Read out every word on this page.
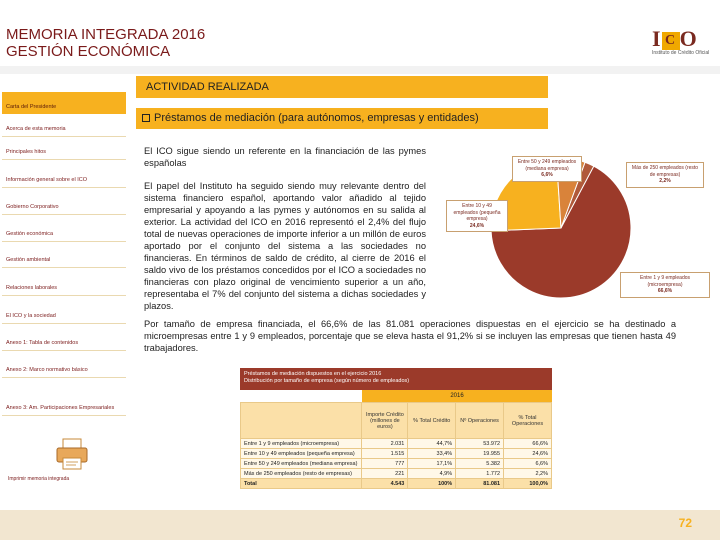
MEMORIA INTEGRADA 2016
GESTIÓN ECONÓMICA
I C O
Instituto de Crédito Oficial
Carta del Presidente
Acerca de esta memoria
Principales hitos
Información general sobre el ICO
Gobierno Corporativo
Gestión económica
Gestión ambiental
Relaciones laborales
El ICO y la sociedad
Anexo 1: Tabla de contenidos
Anexo 2: Marco normativo básico
Anexo 3: Am. Participaciones Empresariales
Imprimir memoria integrada
ACTIVIDAD REALIZADA
Préstamos de mediación (para autónomos, empresas y entidades)
El ICO sigue siendo un referente en la financiación de las pymes españolas
El papel del Instituto ha seguido siendo muy relevante dentro del sistema financiero español, aportando valor añadido al tejido empresarial y apoyando a las pymes y autónomos en su salida al exterior. La actividad del ICO en 2016 representó el 2,4% del flujo total de nuevas operaciones de importe inferior a un millón de euros aportado por el conjunto del sistema a las sociedades no financieras. En términos de saldo de crédito, al cierre de 2016 el saldo vivo de los préstamos concedidos por el ICO a sociedades no financieras con plazo original de vencimiento superior a un año, representaba el 7% del conjunto del sistema a dichas sociedades y plazos.
Por tamaño de empresa financiada, el 66,6% de las 81.081 operaciones dispuestas en el ejercicio se ha destinado a microempresas entre 1 y 9 empleados, porcentaje que se eleva hasta el 91,2% si se incluyen las empresas que tienen hasta 49 trabajadores.
Entre 50 y 249 empleados (mediana empresa)
6,6%
Más de 250 empleados (resto de empresas)
2,2%
Entre 10 y 49 empleados (pequeña empresa)
24,6%
Entre 1 y 9 empleados (microempresa)
66,6%
Préstamos de mediación dispuestos en el ejercicio 2016
Distribución por tamaño de empresa (según número de empleados)
2016
	Importe Crédito (millones de euros)	% Total Crédito	Nº Operaciones	% Total Operaciones
Entre 1 y 9 empleados (microempresa)	2.031	44,7%	53.972	66,6%
Entre 10 y 49 empleados (pequeña empresa)	1.515	33,4%	19.955	24,6%
Entre 50 y 249 empleados (mediana empresa)	777	17,1%	5.382	6,6%
Más de 250 empleados (resto de empresas)	221	4,9%	1.772	2,2%
Total	4.543	100%	81.081	100,0%
72
